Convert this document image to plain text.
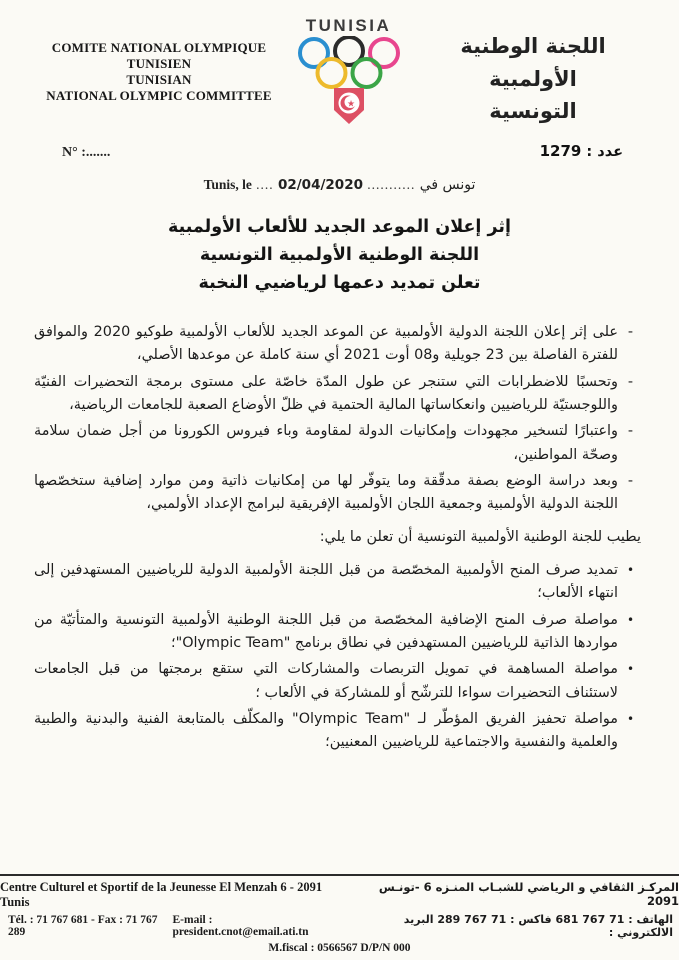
COMITE NATIONAL OLYMPIQUE
TUNISIEN
TUNISIAN
NATIONAL OLYMPIC COMMITTEE
TUNISIA
★
اللجنة الوطنية الأولمبية
التونسية
N° :.......	عدد : 1279
Tunis, le .... 02/04/2020 ........... تونس في
إثر إعلان الموعد الجديد للألعاب الأولمبية
اللجنة الوطنية الأولمبية التونسية
تعلن تمديد دعمها لرياضيي النخبة
-
على إثر إعلان اللجنة الدولية الأولمبية عن الموعد الجديد للألعاب الأولمبية طوكيو 2020 والموافق للفترة الفاصلة بين 23 جويلية و08 أوت 2021 أي سنة كاملة عن موعدها الأصلي،
-
وتحسبًا للاضطرابات التي ستنجر عن طول المدّة خاصّة على مستوى برمجة التحضيرات الفنيّة واللوجستيّة للرياضيين وانعكاساتها المالية الحتمية في ظلّ الأوضاع الصعبة للجامعات الرياضية،
-
واعتبارًا لتسخير مجهودات وإمكانيات الدولة لمقاومة وباء فيروس الكورونا من أجل ضمان سلامة وصحّة المواطنين،
-
وبعد دراسة الوضع بصفة مدقّقة وما يتوفّر لها من إمكانيات ذاتية ومن موارد إضافية ستخصّصها اللجنة الدولية الأولمبية وجمعية اللجان الأولمبية الإفريقية لبرامج الإعداد الأولمبي،
يطيب للجنة الوطنية الأولمبية التونسية أن تعلن ما يلي:
•
تمديد صرف المنح الأولمبية المخصّصة من قبل اللجنة الأولمبية الدولية للرياضيين المستهدفين إلى انتهاء الألعاب؛
•
مواصلة صرف المنح الإضافية المخصّصة من قبل اللجنة الوطنية الأولمبية التونسية والمتأتيّة من مواردها الذاتية للرياضيين المستهدفين في نطاق برنامج "Olympic Team"؛
•
مواصلة المساهمة في تمويل التربصات والمشاركات التي ستقع برمجتها من قبل الجامعات لاستئناف التحضيرات سواءا للترشّح أو للمشاركة في الألعاب ؛
•
مواصلة تحفيز الفريق المؤطّر لـ "Olympic Team" والمكلّف بالمتابعة الفنية والبدنية والطبية والعلمية والنفسية والاجتماعية للرياضيين المعنيين؛
Centre Culturel et Sportif de la Jeunesse El Menzah 6 - 2091 Tunis
المركـز الثقافي و الرياضي للشبـاب المنـزه 6 -تونـس 2091
Tél. : 71 767 681 - Fax : 71 767 289
E-mail : president.cnot@email.ati.tn
الهاتف : 71 767 681 فاكس : 71 767 289 البريد الالكتروني :
M.fiscal : 0566567 D/P/N 000
